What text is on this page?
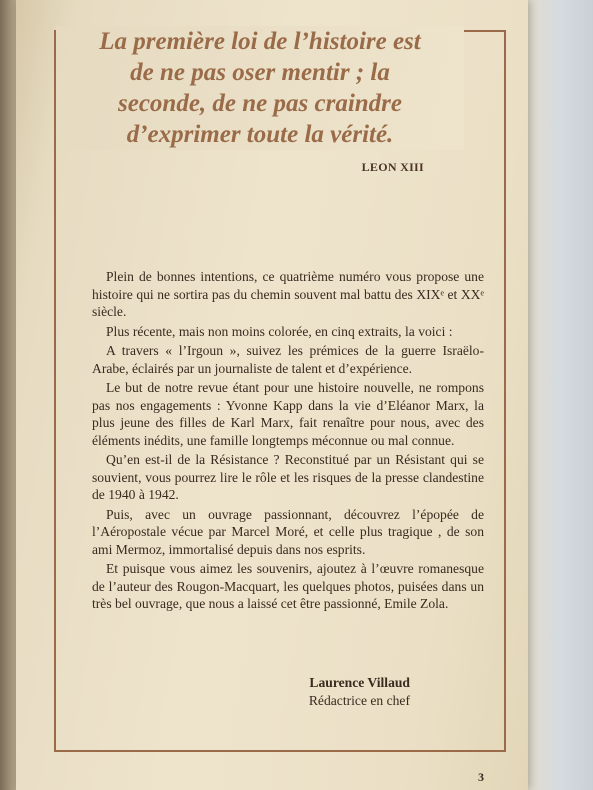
La première loi de l’histoire est
de ne pas oser mentir ; la
seconde, de ne pas craindre
d’exprimer toute la vérité.
LEON XIII

Plein de bonnes intentions, ce quatrième numéro vous propose une histoire qui ne sortira pas du chemin souvent mal battu des XIXᵉ et XXᵉ siècle.

Plus récente, mais non moins colorée, en cinq extraits, la voici :

A travers « l’Irgoun », suivez les prémices de la guerre Israëlo-Arabe, éclairés par un journaliste de talent et d’expérience.

Le but de notre revue étant pour une histoire nouvelle, ne rompons pas nos engagements : Yvonne Kapp dans la vie d’Eléanor Marx, la plus jeune des filles de Karl Marx, fait renaître pour nous, avec des éléments inédits, une famille longtemps méconnue ou mal connue.

Qu’en est-il de la Résistance ? Reconstitué par un Résistant qui se souvient, vous pourrez lire le rôle et les risques de la presse clandestine de 1940 à 1942.

Puis, avec un ouvrage passionnant, découvrez l’épopée de l’Aéropostale vécue par Marcel Moré, et celle plus tragique , de son ami Mermoz, immortalisé depuis dans nos esprits.

Et puisque vous aimez les souvenirs, ajoutez à l’œuvre romanesque de l’auteur des Rougon-Macquart, les quelques photos, puisées dans un très bel ouvrage, que nous a laissé cet être passionné, Emile Zola.

Laurence Villaud
Rédactrice en chef
3
